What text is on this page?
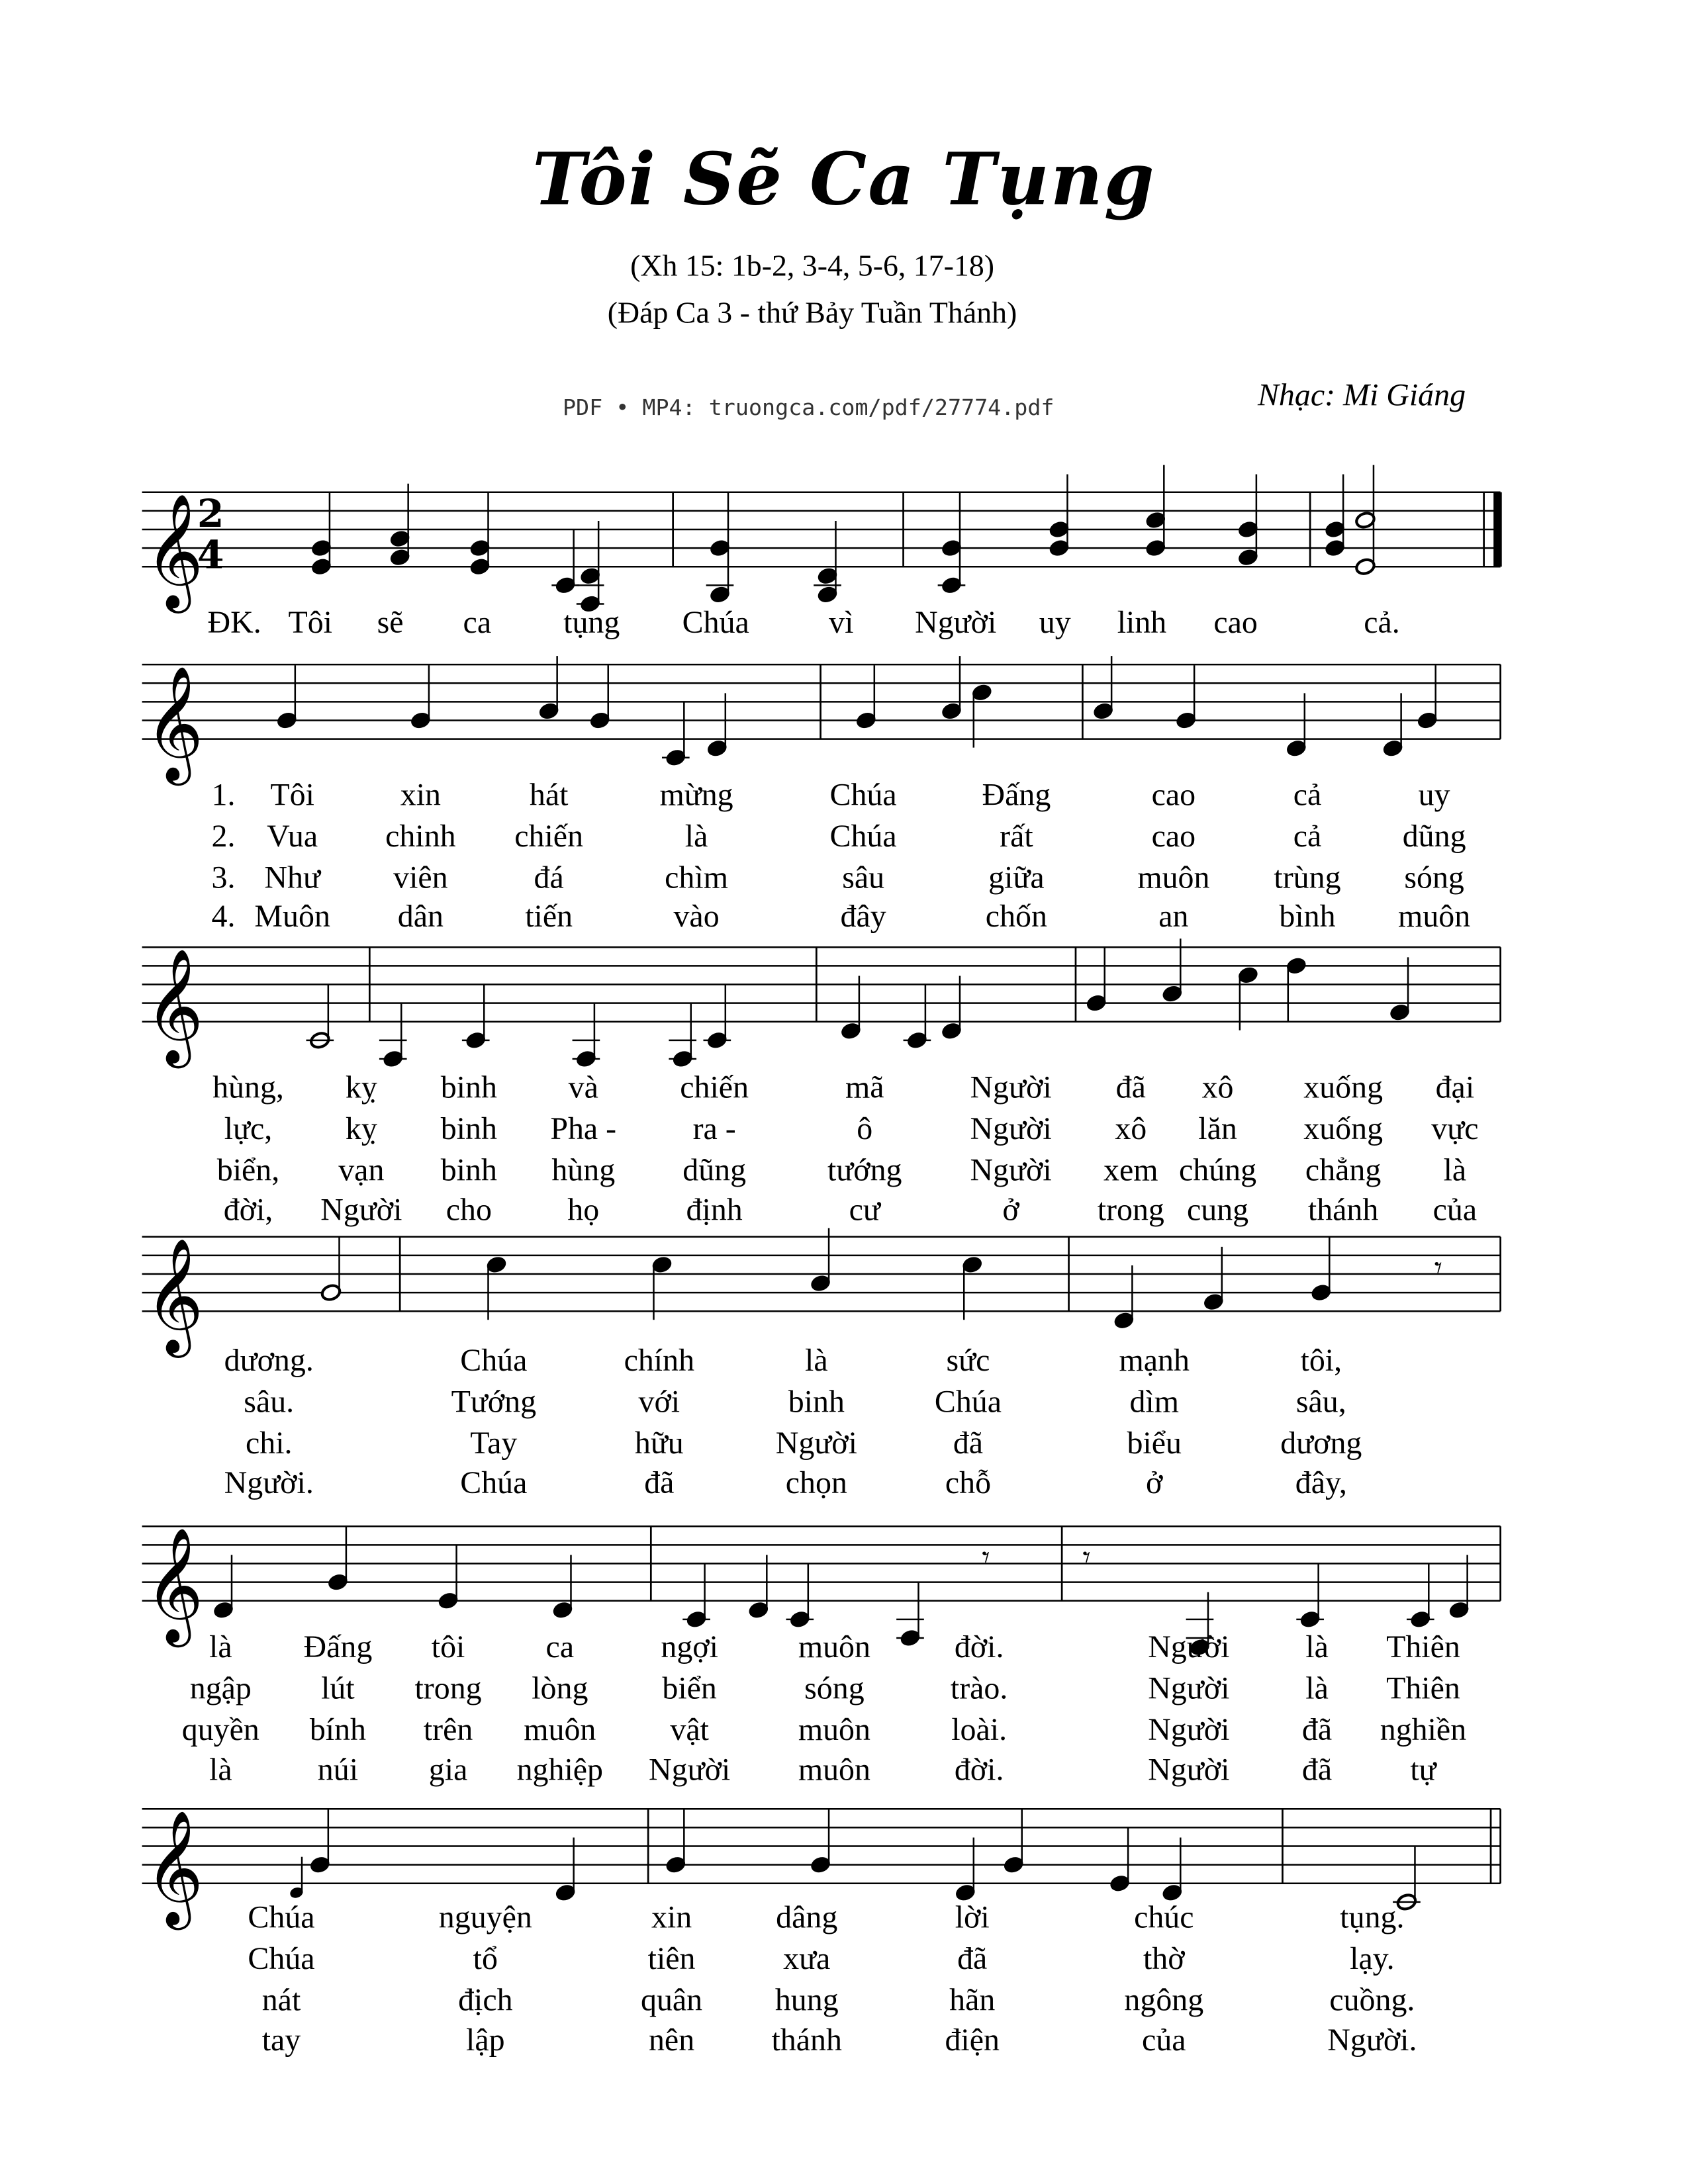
Tôi Sẽ Ca Tụng
(Xh 15: 1b-2, 3-4, 5-6, 17-18)
(Đáp Ca 3 - thứ Bảy Tuần Thánh)
PDF • MP4: truongca.com/pdf/27774.pdf	Nhạc: Mi Giáng
𝄞
2
4
𝄞
𝄞
𝄞	𝄾
𝄞	𝄾	𝄾
𝄞
ĐK. Tôi	sẽ	ca	tụng	Chúa	vì	Người	uy	linh	cao	cả.
1. Tôi	xin	hát	mừng	Chúa	Đấng	cao	cả	uy
2. Vua	chinh	chiến	là	Chúa	rất	cao	cả	dũng
3. Như	viên	đá	chìm	sâu	giữa	muôn	trùng	sóng
4. Muôn	dân	tiến	vào	đây	chốn	an	bình	muôn
hùng,	kỵ	binh	và	chiến	mã	Người	đã	xô	xuống	đại
lực,	kỵ	binh	Pha -	ra -	ô	Người	xô	lăn	xuống	vực
biển,	vạn	binh	hùng	dũng	tướng	Người	xem chúng	chẳng	là
đời,	Người	cho	họ	định	cư	ở	trong cung	thánh	của
dương.	Chúa	chính	là	sức	mạnh	tôi,
sâu.	Tướng	với	binh	Chúa	dìm	sâu,
chi.	Tay	hữu	Người	đã	biểu	dương
Người.	Chúa	đã	chọn	chỗ	ở	đây,
là	Đấng	tôi	ca	ngợi	muôn	đời.	Người	là	Thiên
ngập	lút	trong	lòng	biển	sóng	trào.	Người	là	Thiên
quyền	bính	trên	muôn	vật	muôn	loài.	Người	đã	nghiền
là	núi	gia	nghiệp	Người	muôn	đời.	Người	đã	tự
Chúa	nguyện	xin	dâng	lời	chúc	tụng.
Chúa	tổ	tiên	xưa	đã	thờ	lạy.
nát	địch	quân	hung	hãn	ngông	cuồng.
tay	lập	nên	thánh	điện	của	Người.
